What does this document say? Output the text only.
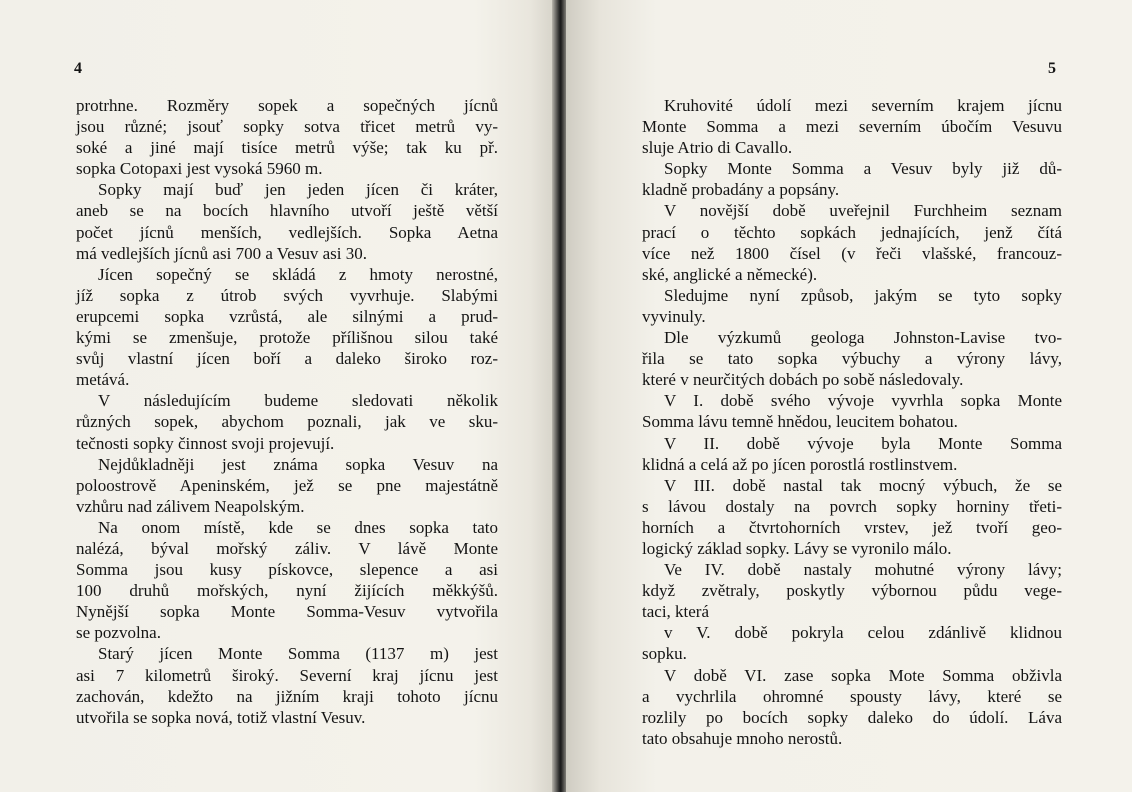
4

protrhne. Rozměry sopek a sopečných jícnů
jsou různé; jsouť sopky sotva třicet metrů vy-
soké a jiné mají tisíce metrů výše; tak ku př.
sopka Cotopaxi jest vysoká 5960 m.

Sopky mají buď jen jeden jícen či kráter,
aneb se na bocích hlavního utvoří ještě větší
počet jícnů menších, vedlejších. Sopka Aetna
má vedlejších jícnů asi 700 a Vesuv asi 30.

Jícen sopečný se skládá z hmoty nerostné,
jíž sopka z útrob svých vyvrhuje. Slabými
erupcemi sopka vzrůstá, ale silnými a prud-
kými se zmenšuje, protože přílišnou silou také
svůj vlastní jícen boří a daleko široko roz-
metává.

V následujícím budeme sledovati několik
různých sopek, abychom poznali, jak ve sku-
tečnosti sopky činnost svoji projevují.

Nejdůkladněji jest známa sopka Vesuv na
poloostrově Apeninském, jež se pne majestátně
vzhůru nad zálivem Neapolským.

Na onom místě, kde se dnes sopka tato
nalézá, býval mořský záliv. V lávě Monte
Somma jsou kusy pískovce, slepence a asi
100 druhů mořských, nyní žijících měkkýšů.
Nynější sopka Monte Somma-Vesuv vytvořila
se pozvolna.

Starý jícen Monte Somma (1137 m) jest
asi 7 kilometrů široký. Severní kraj jícnu jest
zachován, kdežto na jižním kraji tohoto jícnu
utvořila se sopka nová, totiž vlastní Vesuv.

5

Kruhovité údolí mezi severním krajem jícnu
Monte Somma a mezi severním úbočím Vesuvu
sluje Atrio di Cavallo.

Sopky Monte Somma a Vesuv byly již dů-
kladně probadány a popsány.

V novější době uveřejnil Furchheim seznam
prací o těchto sopkách jednajících, jenž čítá
více než 1800 čísel (v řeči vlašské, francouz-
ské, anglické a německé).

Sledujme nyní způsob, jakým se tyto sopky
vyvinuly.

Dle výzkumů geologa Johnston-Lavise tvo-
řila se tato sopka výbuchy a výrony lávy,
které v neurčitých dobách po sobě následovaly.

V I. době svého vývoje vyvrhla sopka Monte
Somma lávu temně hnědou, leucitem bohatou.

V II. době vývoje byla Monte Somma
klidná a celá až po jícen porostlá rostlinstvem.

V III. době nastal tak mocný výbuch, že se
s lávou dostaly na povrch sopky horniny třeti-
horních a čtvrtohorních vrstev, jež tvoří geo-
logický základ sopky. Lávy se vyronilo málo.

Ve IV. době nastaly mohutné výrony lávy;
když zvětraly, poskytly výbornou půdu vege-
taci, která

v V. době pokryla celou zdánlivě klidnou
sopku.

V době VI. zase sopka Mote Somma obživla
a vychrlila ohromné spousty lávy, které se
rozlily po bocích sopky daleko do údolí. Láva
tato obsahuje mnoho nerostů.
